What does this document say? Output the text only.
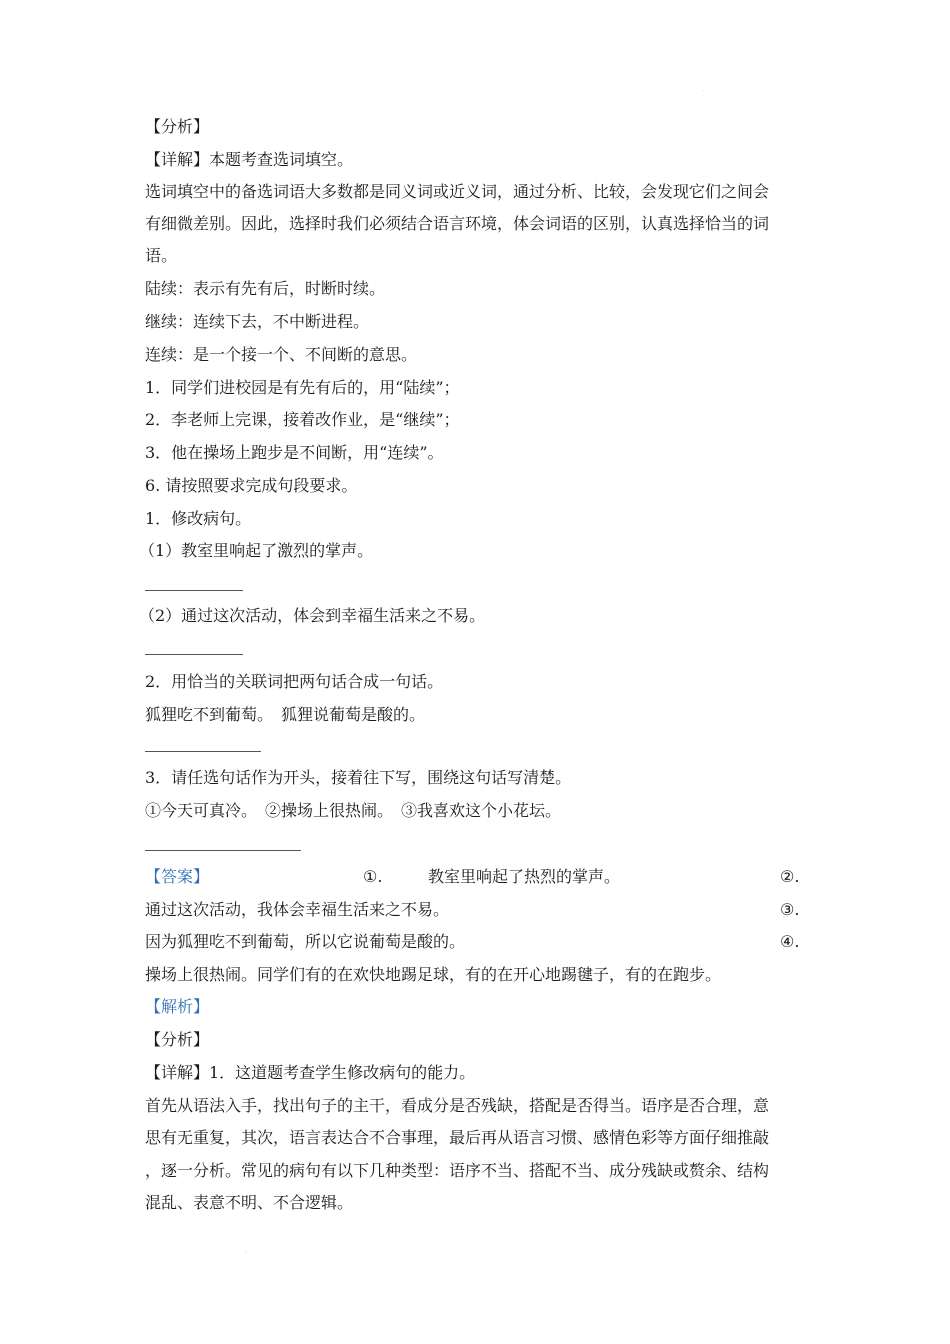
.
【分析】
【详解】本题考查选词填空。
选词填空中的备选词语大多数都是同义词或近义词，通过分析、比较，会发现它们之间会
有细微差别。因此，选择时我们必须结合语言环境，体会词语的区别，认真选择恰当的词
语。
陆续：表示有先有后，时断时续。
继续：连续下去，不中断进程。
连续：是一个接一个、不间断的意思。
1．同学们进校园是有先有后的，用“陆续”；
2．李老师上完课，接着改作业，是“继续”；
3．他在操场上跑步是不间断，用“连续”。
6. 请按照要求完成句段要求。
1．修改病句。
（1）教室里响起了激烈的掌声。
（2）通过这次活动，体会到幸福生活来之不易。
2．用恰当的关联词把两句话合成一句话。
狐狸吃不到葡萄。　狐狸说葡萄是酸的。
3．请任选句话作为开头，接着往下写，围绕这句话写清楚。
①今天可真冷。　②操场上很热闹。　③我喜欢这个小花坛。
【答案】	①.	教室里响起了热烈的掌声。	②.
通过这次活动，我体会幸福生活来之不易。	③.
因为狐狸吃不到葡萄，所以它说葡萄是酸的。	④.
操场上很热闹。同学们有的在欢快地踢足球，有的在开心地踢毽子，有的在跑步。
【解析】
【分析】
【详解】1．这道题考查学生修改病句的能力。
首先从语法入手，找出句子的主干，看成分是否残缺，搭配是否得当。语序是否合理，意
思有无重复，其次，语言表达合不合事理，最后再从语言习惯、感情色彩等方面仔细推敲
，逐一分析。常见的病句有以下几种类型：语序不当、搭配不当、成分残缺或赘余、结构
混乱、表意不明、不合逻辑。
.
